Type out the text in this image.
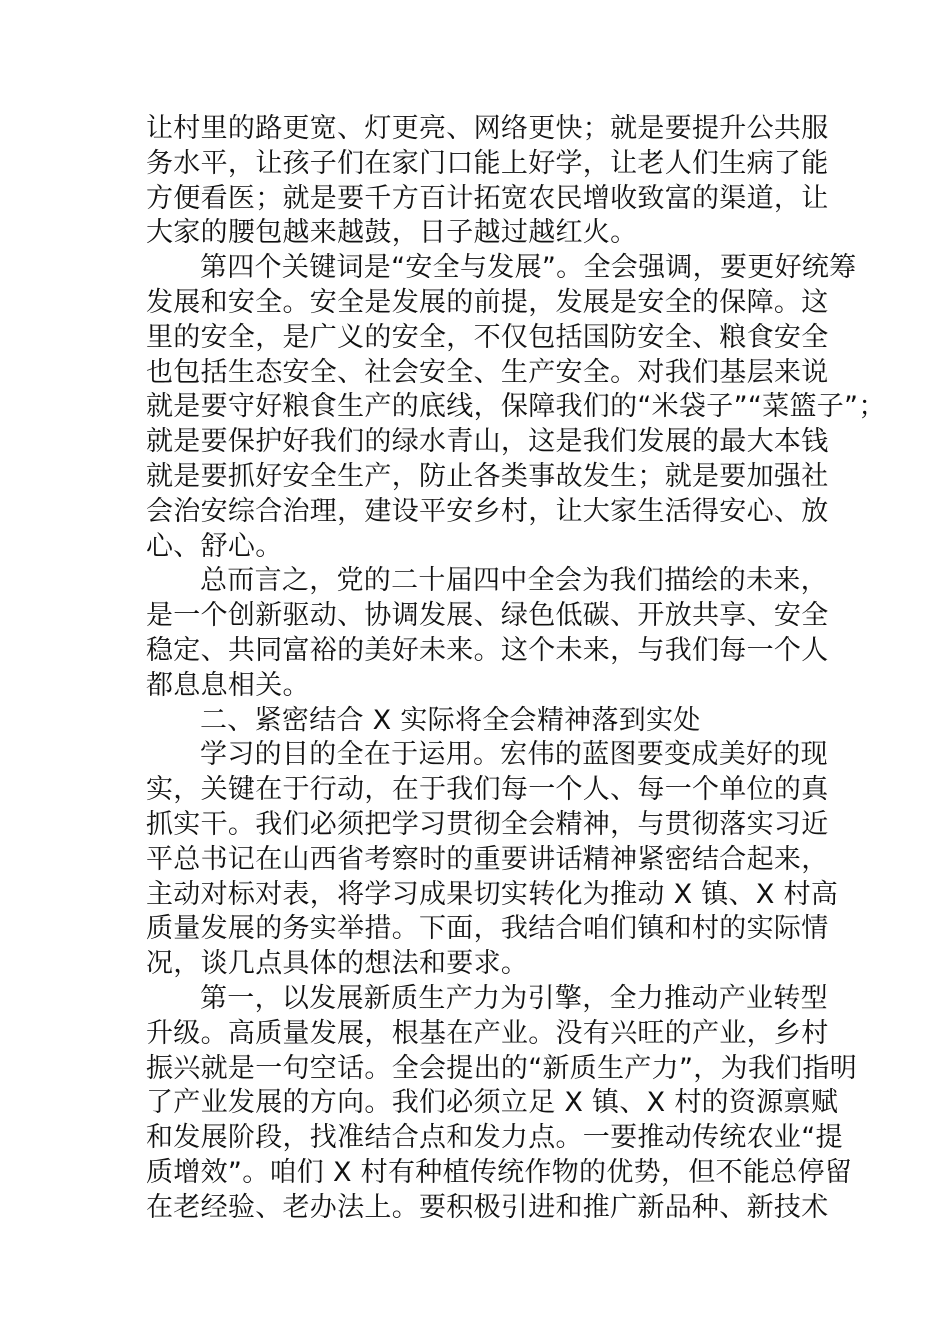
让村里的路更宽、灯更亮、网络更快；就是要提升公共服
务水平，让孩子们在家门口能上好学，让老人们生病了能
方便看医；就是要千方百计拓宽农民增收致富的渠道，让
大家的腰包越来越鼓，日子越过越红火。
第四个关键词是“安全与发展”。全会强调，要更好统筹
发展和安全。安全是发展的前提，发展是安全的保障。这
里的安全，是广义的安全，不仅包括国防安全、粮食安全
也包括生态安全、社会安全、生产安全。对我们基层来说
就是要守好粮食生产的底线，保障我们的“米袋子”“菜篮子”；
就是要保护好我们的绿水青山，这是我们发展的最大本钱
就是要抓好安全生产，防止各类事故发生；就是要加强社
会治安综合治理，建设平安乡村，让大家生活得安心、放
心、舒心。
总而言之，党的二十届四中全会为我们描绘的未来，
是一个创新驱动、协调发展、绿色低碳、开放共享、安全
稳定、共同富裕的美好未来。这个未来，与我们每一个人
都息息相关。
二、紧密结合 X 实际将全会精神落到实处
学习的目的全在于运用。宏伟的蓝图要变成美好的现
实，关键在于行动，在于我们每一个人、每一个单位的真
抓实干。我们必须把学习贯彻全会精神，与贯彻落实习近
平总书记在山西省考察时的重要讲话精神紧密结合起来，
主动对标对表，将学习成果切实转化为推动 X 镇、X 村高
质量发展的务实举措。下面，我结合咱们镇和村的实际情
况，谈几点具体的想法和要求。
第一，以发展新质生产力为引擎，全力推动产业转型
升级。高质量发展，根基在产业。没有兴旺的产业，乡村
振兴就是一句空话。全会提出的“新质生产力”，为我们指明
了产业发展的方向。我们必须立足 X 镇、X 村的资源禀赋
和发展阶段，找准结合点和发力点。一要推动传统农业“提
质增效”。咱们 X 村有种植传统作物的优势，但不能总停留
在老经验、老办法上。要积极引进和推广新品种、新技术
